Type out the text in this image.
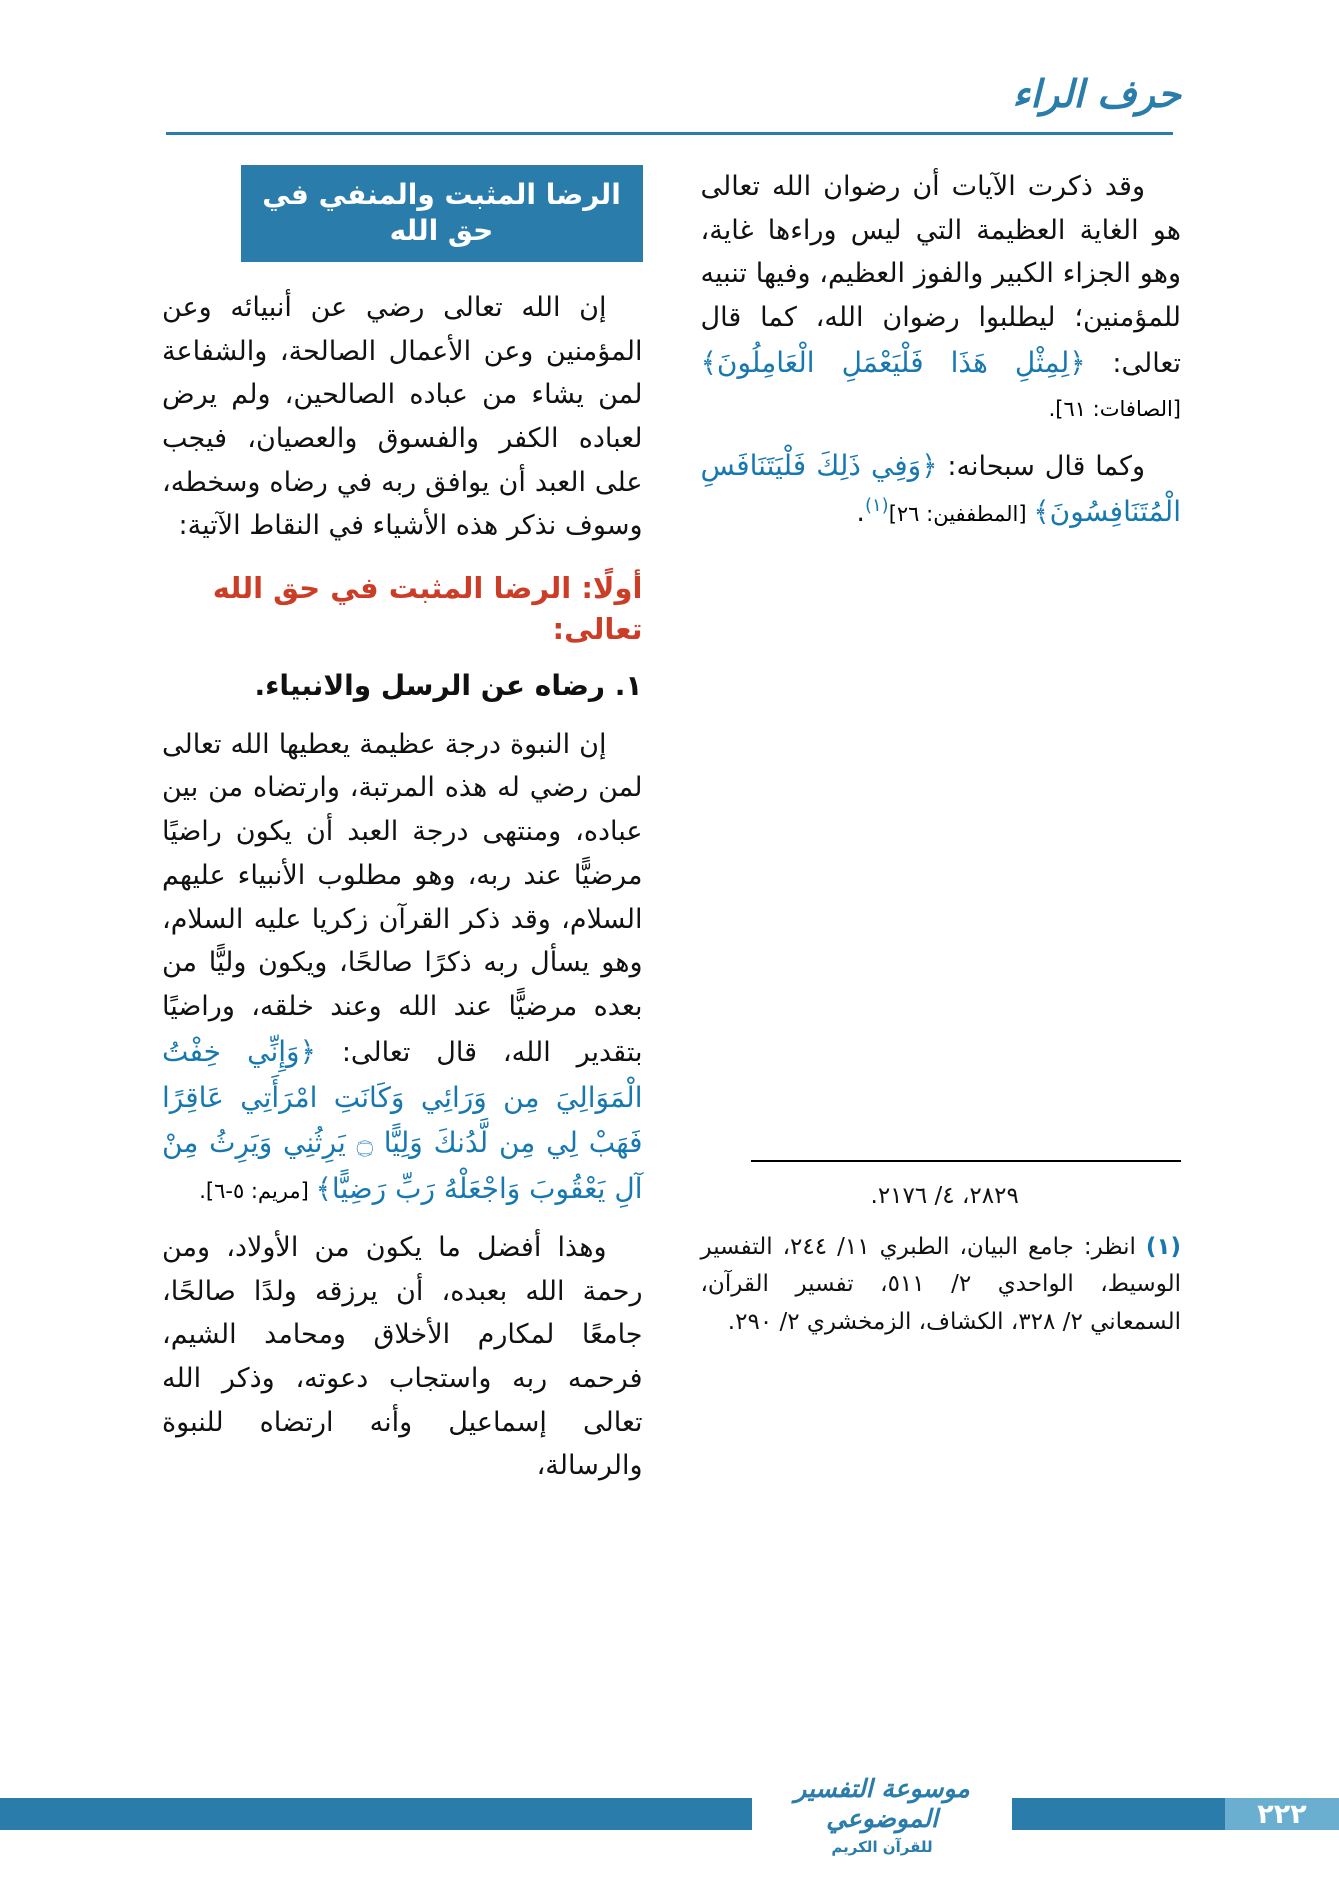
حرف الراء

وقد ذكرت الآيات أن رضوان الله تعالى هو الغاية العظيمة التي ليس وراءها غاية، وهو الجزاء الكبير والفوز العظيم، وفيها تنبيه للمؤمنين؛ ليطلبوا رضوان الله، كما قال تعالى: ﴿لِمِثْلِ هَذَا فَلْيَعْمَلِ الْعَامِلُونَ﴾ [الصافات: ٦١].

وكما قال سبحانه: ﴿وَفِي ذَلِكَ فَلْيَتَنَافَسِ الْمُتَنَافِسُونَ﴾ [المطففين: ٢٦]$^{(١)}$.

٢٨٢٩، ٤/ ٢١٧٦.

(١) انظر: جامع البيان، الطبري ١١/ ٢٤٤، التفسير الوسيط، الواحدي ٢/ ٥١١، تفسير القرآن، السمعاني ٢/ ٣٢٨، الكشاف، الزمخشري ٢/ ٢٩٠.

الرضا المثبت والمنفي في حق الله

إن الله تعالى رضي عن أنبيائه وعن المؤمنين وعن الأعمال الصالحة، والشفاعة لمن يشاء من عباده الصالحين، ولم يرض لعباده الكفر والفسوق والعصيان، فيجب على العبد أن يوافق ربه في رضاه وسخطه، وسوف نذكر هذه الأشياء في النقاط الآتية:

أولًا: الرضا المثبت في حق الله تعالى:

١. رضاه عن الرسل والانبياء.

إن النبوة درجة عظيمة يعطيها الله تعالى لمن رضي له هذه المرتبة، وارتضاه من بين عباده، ومنتهى درجة العبد أن يكون راضيًا مرضيًّا عند ربه، وهو مطلوب الأنبياء عليهم السلام، وقد ذكر القرآن زكريا عليه السلام، وهو يسأل ربه ذكرًا صالحًا، ويكون وليًّا من بعده مرضيًّا عند الله وعند خلقه، وراضيًا بتقدير الله، قال تعالى: ﴿وَإِنِّي خِفْتُ الْمَوَالِيَ مِن وَرَائِي وَكَانَتِ امْرَأَتِي عَاقِرًا فَهَبْ لِي مِن لَّدُنكَ وَلِيًّا ۝ يَرِثُنِي وَيَرِثُ مِنْ آلِ يَعْقُوبَ وَاجْعَلْهُ رَبِّ رَضِيًّا﴾ [مريم: ٥-٦].

وهذا أفضل ما يكون من الأولاد، ومن رحمة الله بعبده، أن يرزقه ولدًا صالحًا، جامعًا لمكارم الأخلاق ومحامد الشيم، فرحمه ربه واستجاب دعوته، وذكر الله تعالى إسماعيل وأنه ارتضاه للنبوة والرسالة،

٢٢٢
موسوعة التفسير الموضوعي
للقرآن الكريم
